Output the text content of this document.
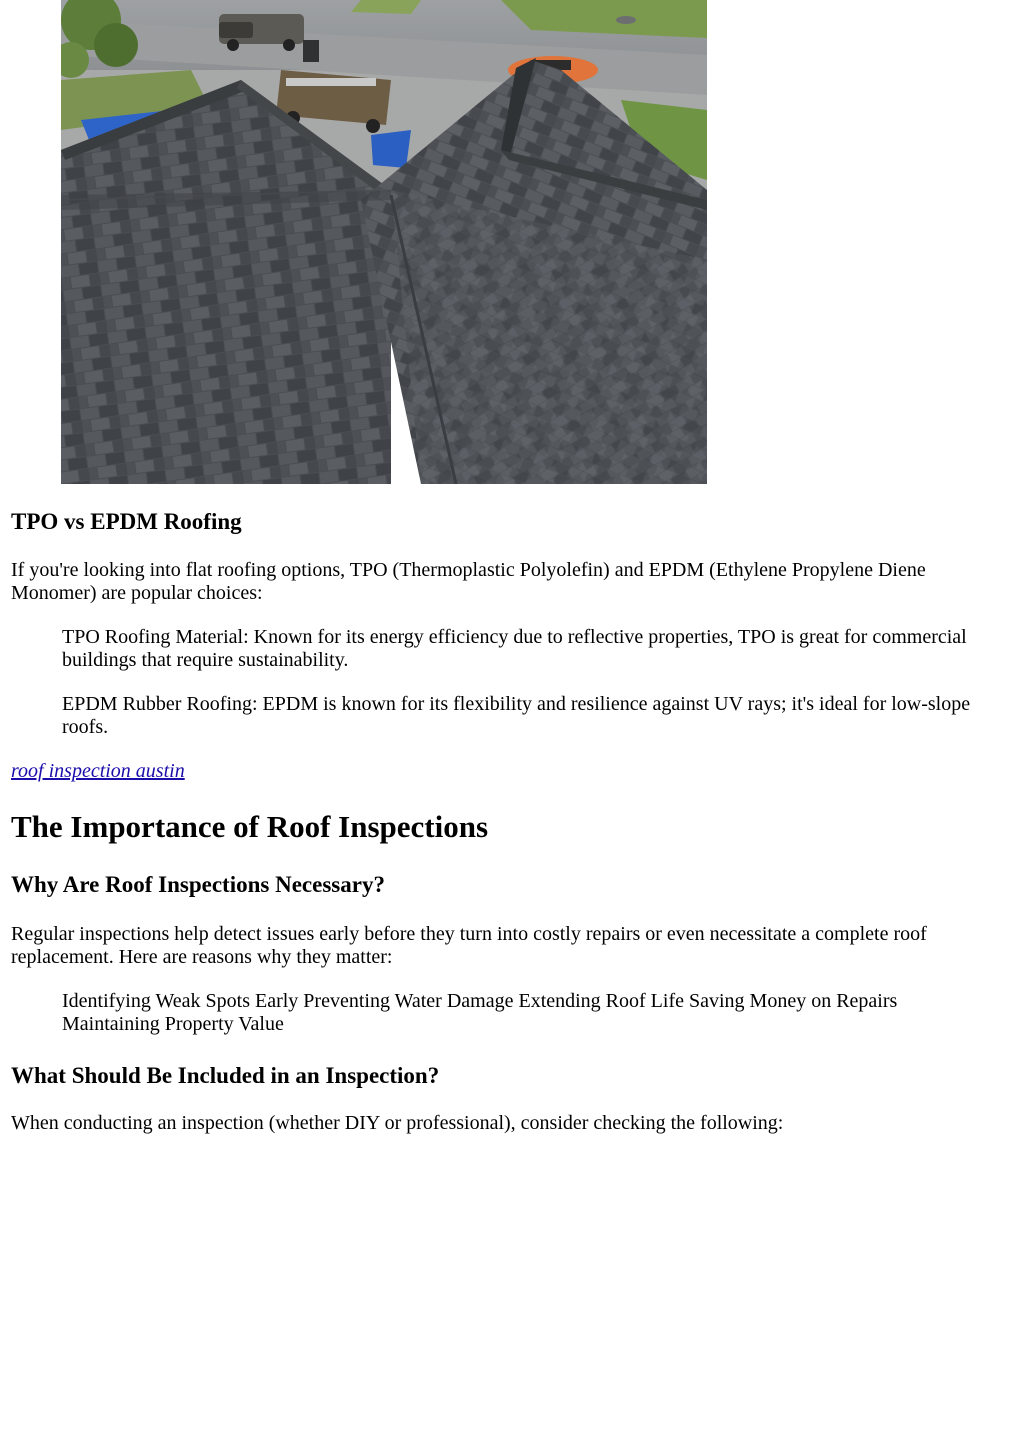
TPO vs EPDM Roofing

If you're looking into flat roofing options, TPO (Thermoplastic Polyolefin) and EPDM (Ethylene Propylene Diene Monomer) are popular choices:

TPO Roofing Material: Known for its energy efficiency due to reflective properties, TPO is great for commercial buildings that require sustainability.

EPDM Rubber Roofing: EPDM is known for its flexibility and resilience against UV rays; it's ideal for low-slope roofs.

roof inspection austin

The Importance of Roof Inspections
Why Are Roof Inspections Necessary?

Regular inspections help detect issues early before they turn into costly repairs or even necessitate a complete roof replacement. Here are reasons why they matter:

Identifying Weak Spots Early Preventing Water Damage Extending Roof Life Saving Money on Repairs Maintaining Property Value

What Should Be Included in an Inspection?

When conducting an inspection (whether DIY or professional), consider checking the following:
